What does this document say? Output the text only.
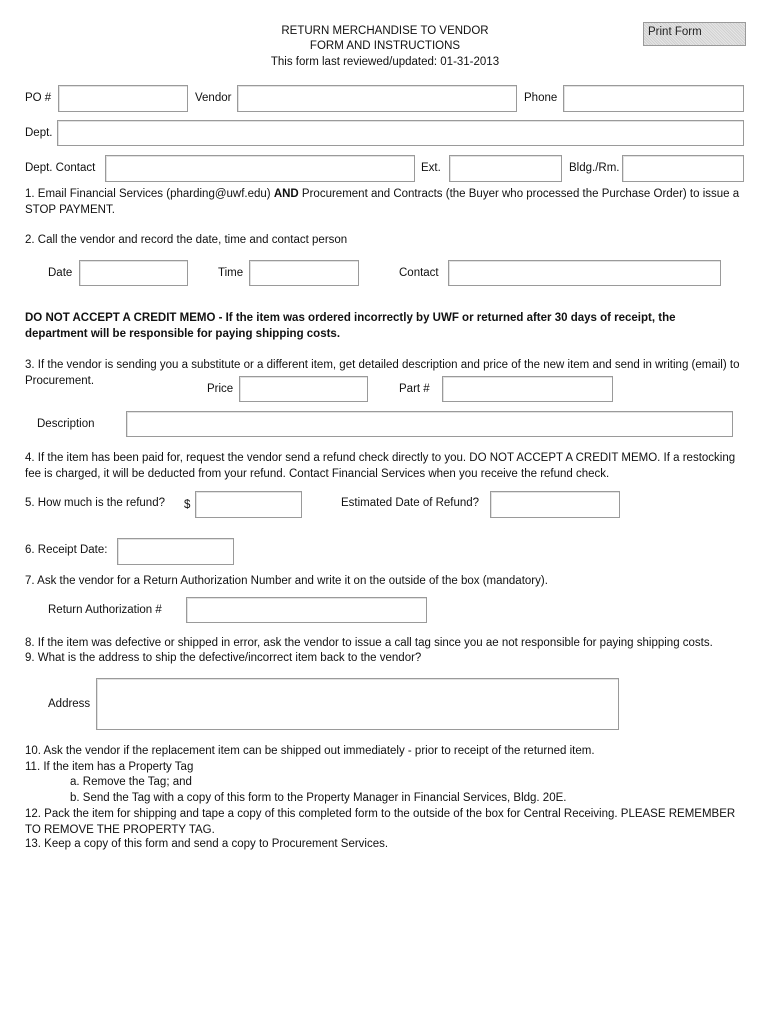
RETURN MERCHANDISE TO VENDOR
FORM AND INSTRUCTIONS
This form last reviewed/updated: 01-31-2013
Print Form
PO #	Vendor	Phone
Dept.
Dept. Contact	Ext.	Bldg./Rm.
1. Email Financial Services (pharding@uwf.edu) AND Procurement and Contracts (the Buyer who processed the Purchase Order) to issue a STOP PAYMENT.
2. Call the vendor and record the date, time and contact person
Date	Time	Contact
DO NOT ACCEPT A CREDIT MEMO - If the item was ordered incorrectly by UWF or returned after 30 days of receipt, the department will be responsible for paying shipping costs.
3. If the vendor is sending you a substitute or a different item, get detailed description and price of the new item and send in writing (email) to Procurement.
Price	Part #
Description
4. If the item has been paid for, request the vendor send a refund check directly to you. DO NOT ACCEPT A CREDIT MEMO. If a restocking fee is charged, it will be deducted from your refund. Contact Financial Services when you receive the refund check.
5. How much is the refund? $	Estimated Date of Refund?
6. Receipt Date:
7. Ask the vendor for a Return Authorization Number and write it on the outside of the box (mandatory).
Return Authorization #
8. If the item was defective or shipped in error, ask the vendor to issue a call tag since you ae not responsible for paying shipping costs.
9. What is the address to ship the defective/incorrect item back to the vendor?
Address
10. Ask the vendor if the replacement item can be shipped out immediately - prior to receipt of the returned item.
11. If the item has a Property Tag
a. Remove the Tag; and
b. Send the Tag with a copy of this form to the Property Manager in Financial Services, Bldg. 20E.
12. Pack the item for shipping and tape a copy of this completed form to the outside of the box for Central Receiving. PLEASE REMEMBER TO REMOVE THE PROPERTY TAG.
13. Keep a copy of this form and send a copy to Procurement Services.
